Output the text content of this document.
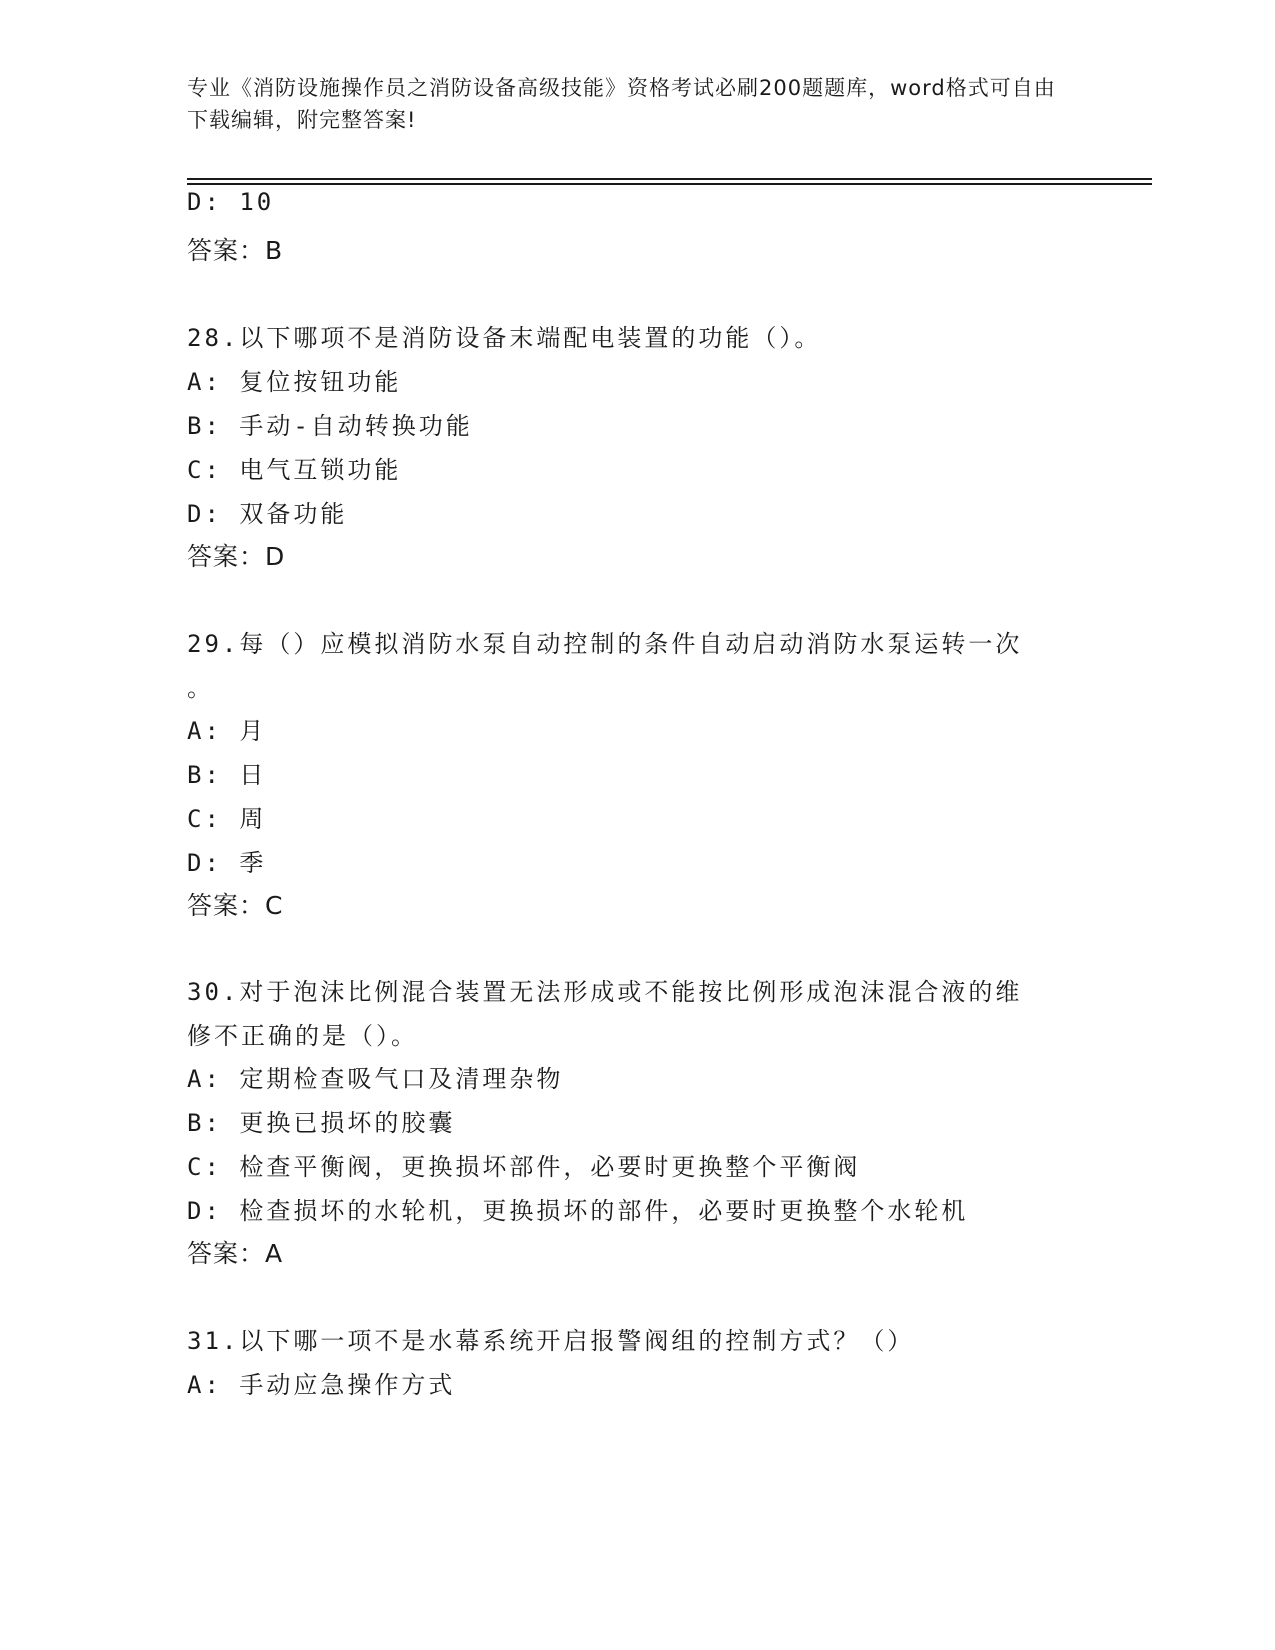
专业《消防设施操作员之消防设备高级技能》资格考试必刷200题题库，word格式可自由下载编辑，附完整答案!
D: 10
答案：B
28.以下哪项不是消防设备末端配电装置的功能（）。
A: 复位按钮功能
B: 手动-自动转换功能
C: 电气互锁功能
D: 双备功能
答案：D
29.每（）应模拟消防水泵自动控制的条件自动启动消防水泵运转一次
。
A: 月
B: 日
C: 周
D: 季
答案：C
30.对于泡沫比例混合装置无法形成或不能按比例形成泡沫混合液的维
修不正确的是（）。
A: 定期检查吸气口及清理杂物
B: 更换已损坏的胶囊
C: 检查平衡阀，更换损坏部件，必要时更换整个平衡阀
D: 检查损坏的水轮机，更换损坏的部件，必要时更换整个水轮机
答案：A
31.以下哪一项不是水幕系统开启报警阀组的控制方式？（）
A: 手动应急操作方式
